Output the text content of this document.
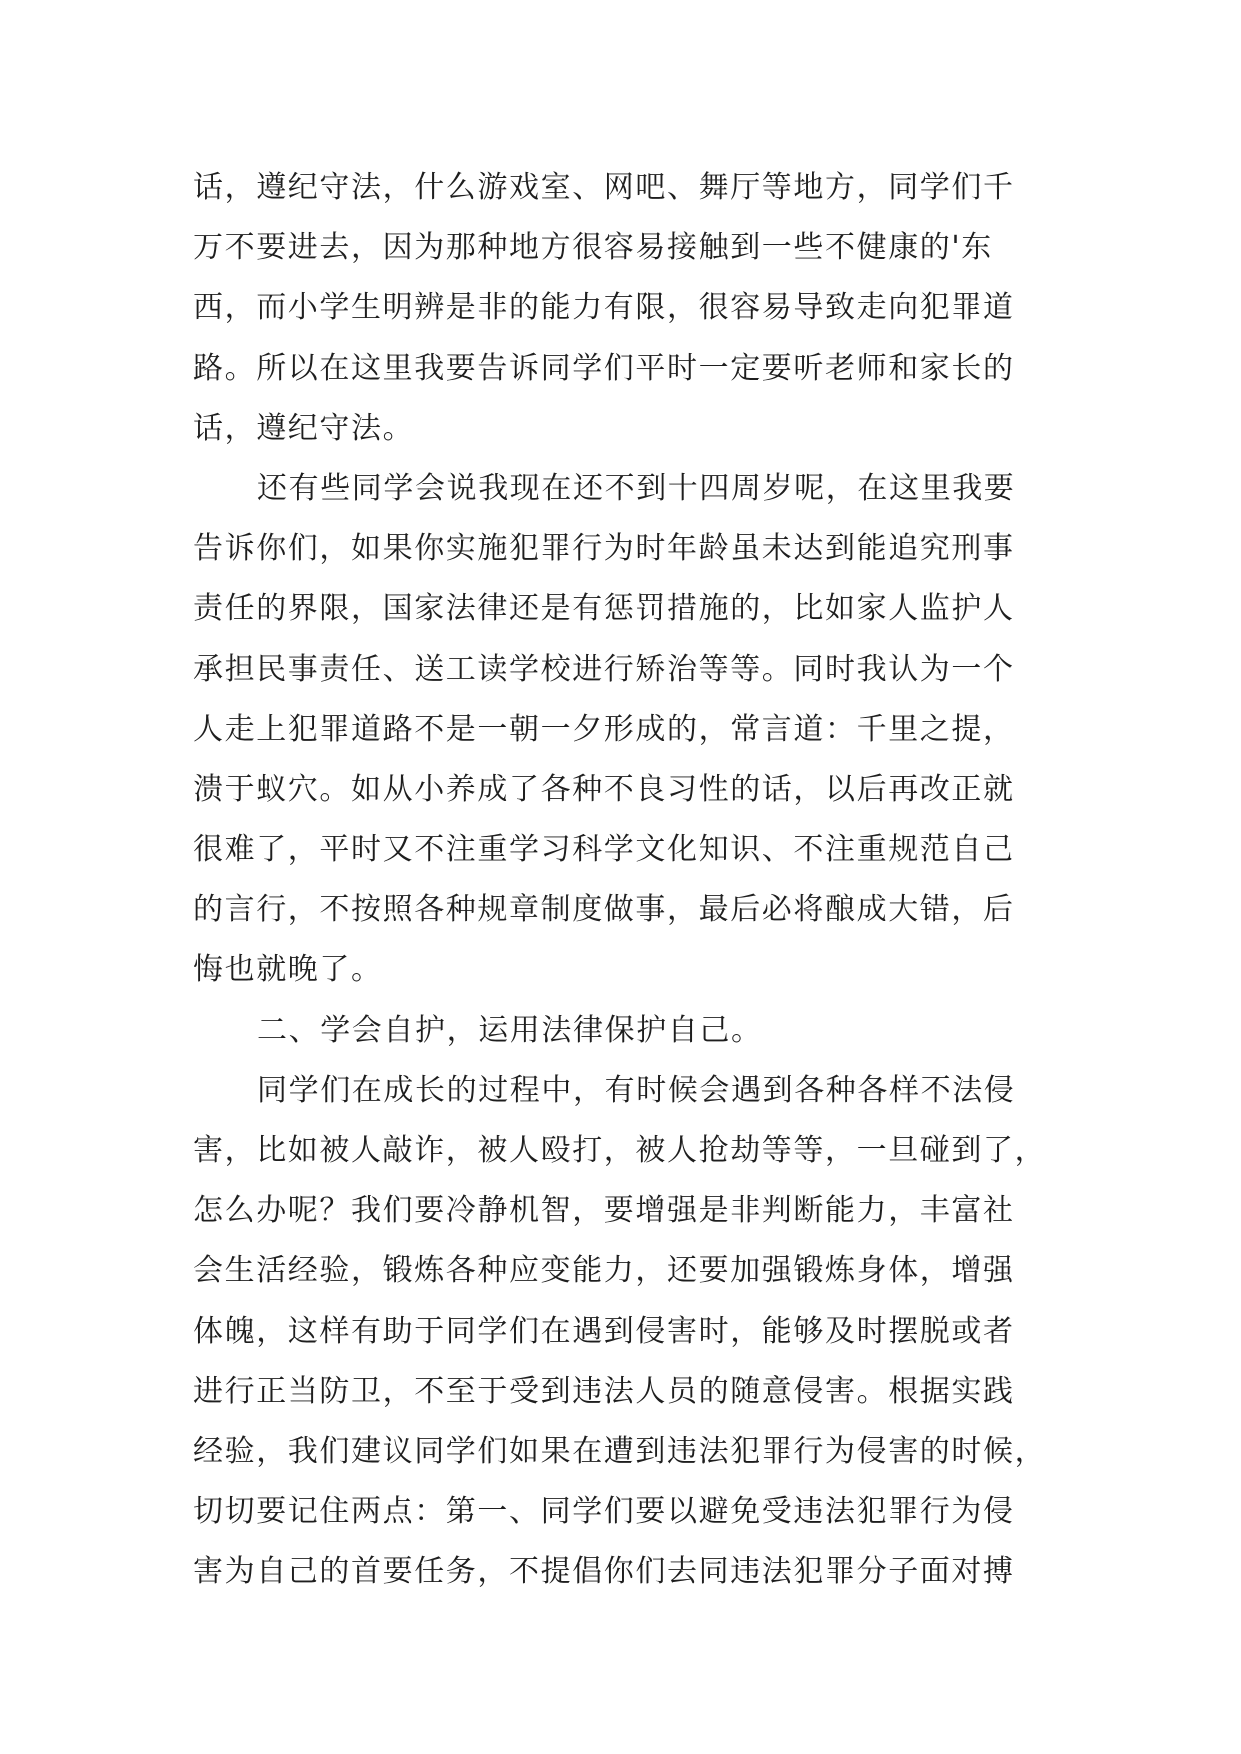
话，遵纪守法，什么游戏室、网吧、舞厅等地方，同学们千
万不要进去，因为那种地方很容易接触到一些不健康的'东
西，而小学生明辨是非的能力有限，很容易导致走向犯罪道
路。所以在这里我要告诉同学们平时一定要听老师和家长的
话，遵纪守法。
还有些同学会说我现在还不到十四周岁呢，在这里我要
告诉你们，如果你实施犯罪行为时年龄虽未达到能追究刑事
责任的界限，国家法律还是有惩罚措施的，比如家人监护人
承担民事责任、送工读学校进行矫治等等。同时我认为一个
人走上犯罪道路不是一朝一夕形成的，常言道：千里之提，
溃于蚁穴。如从小养成了各种不良习性的话，以后再改正就
很难了，平时又不注重学习科学文化知识、不注重规范自己
的言行，不按照各种规章制度做事，最后必将酿成大错，后
悔也就晚了。
二、学会自护，运用法律保护自己。
同学们在成长的过程中，有时候会遇到各种各样不法侵
害，比如被人敲诈，被人殴打，被人抢劫等等，一旦碰到了，
怎么办呢？我们要冷静机智，要增强是非判断能力，丰富社
会生活经验，锻炼各种应变能力，还要加强锻炼身体，增强
体魄，这样有助于同学们在遇到侵害时，能够及时摆脱或者
进行正当防卫，不至于受到违法人员的随意侵害。根据实践
经验，我们建议同学们如果在遭到违法犯罪行为侵害的时候，
切切要记住两点：第一、同学们要以避免受违法犯罪行为侵
害为自己的首要任务，不提倡你们去同违法犯罪分子面对搏
